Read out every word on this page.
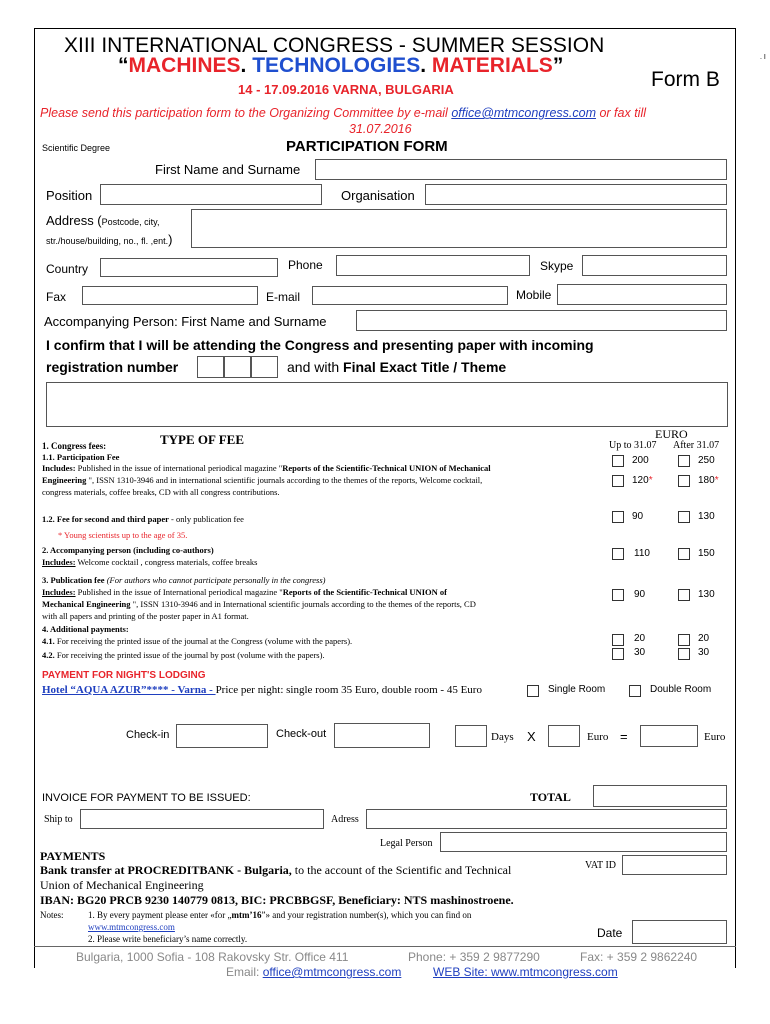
XIII INTERNATIONAL CONGRESS - SUMMER SESSION
“MACHINES. TECHNOLOGIES. MATERIALS”
14 - 17.09.2016 VARNA, BULGARIA	Form B
. I
Please send this participation form to the Organizing Committee by e-mail office@mtmcongress.com or fax till
31.07.2016
Scientific Degree	PARTICIPATION FORM
First Name and Surname
Position	Organisation
Address (Postcode, city,
str./house/building, no., fl. ,ent.)
Country	Phone	Skype
Fax	E-mail	Mobile
Accompanying Person: First Name and Surname
I confirm that I will be attending the Congress and presenting paper with incoming
registration number	and with Final Exact Title / Theme
TYPE OF FEE	EURO
Up to 31.07 After 31.07
1. Congress fees:
1.1. Participation Fee
Includes: Published in the issue of international periodical magazine "Reports of the Scientific-Technical UNION of Mechanical
Engineering ", ISSN 1310-3946 and in international scientific journals according to the themes of the reports, Welcome cocktail,
congress materials, coffee breaks, CD with all congress contributions.
200	250
120*	180*
1.2. Fee for second and third paper - only publication fee	90	130
* Young scientists up to the age of 35.
2. Accompanying person (including co-authors)
Includes: Welcome cocktail , congress materials, coffee breaks
110	150
3. Publication fee (For authors who cannot participate personally in the congress)
Includes: Published in the issue of International periodical magazine "Reports of the Scientific-Technical UNION of
Mechanical Engineering ", ISSN 1310-3946 and in International scientific journals according to the themes of the reports, CD
with all papers and printing of the poster paper in A1 format.
90	130
4. Additional payments:
4.1. For receiving the printed issue of the journal at the Congress (volume with the papers).
4.2. For receiving the printed issue of the journal by post (volume with the papers).
20	20
30	30
PAYMENT FOR NIGHT'S LODGING
Hotel “AQUA AZUR”**** - Varna - Price per night: single room 35 Euro, double room - 45 Euro	Single Room	Double Room
Check-in	Check-out	Days X	Euro =	Euro
INVOICE FOR PAYMENT TO BE ISSUED:	TOTAL
Ship to	Adress
Legal Person
VAT ID
Date
PAYMENTS
Bank transfer at PROCREDITBANK - Bulgaria, to the account of the Scientific and Technical
Union of Mechanical Engineering
IBAN: BG20 PRCB 9230 140779 0813, BIC: PRCBBGSF, Beneficiary: NTS mashinostroene.
Notes:	1. By every payment please enter «for „mtm’16”» and your registration number(s), which you can find on
www.mtmcongress.com
2. Please write beneficiary’s name correctly.
Bulgaria, 1000 Sofia - 108 Rakovsky Str. Office 411	Phone: + 359 2 9877290	Fax: + 359 2 9862240
Email: office@mtmcongress.com	WEB Site: www.mtmcongress.com
